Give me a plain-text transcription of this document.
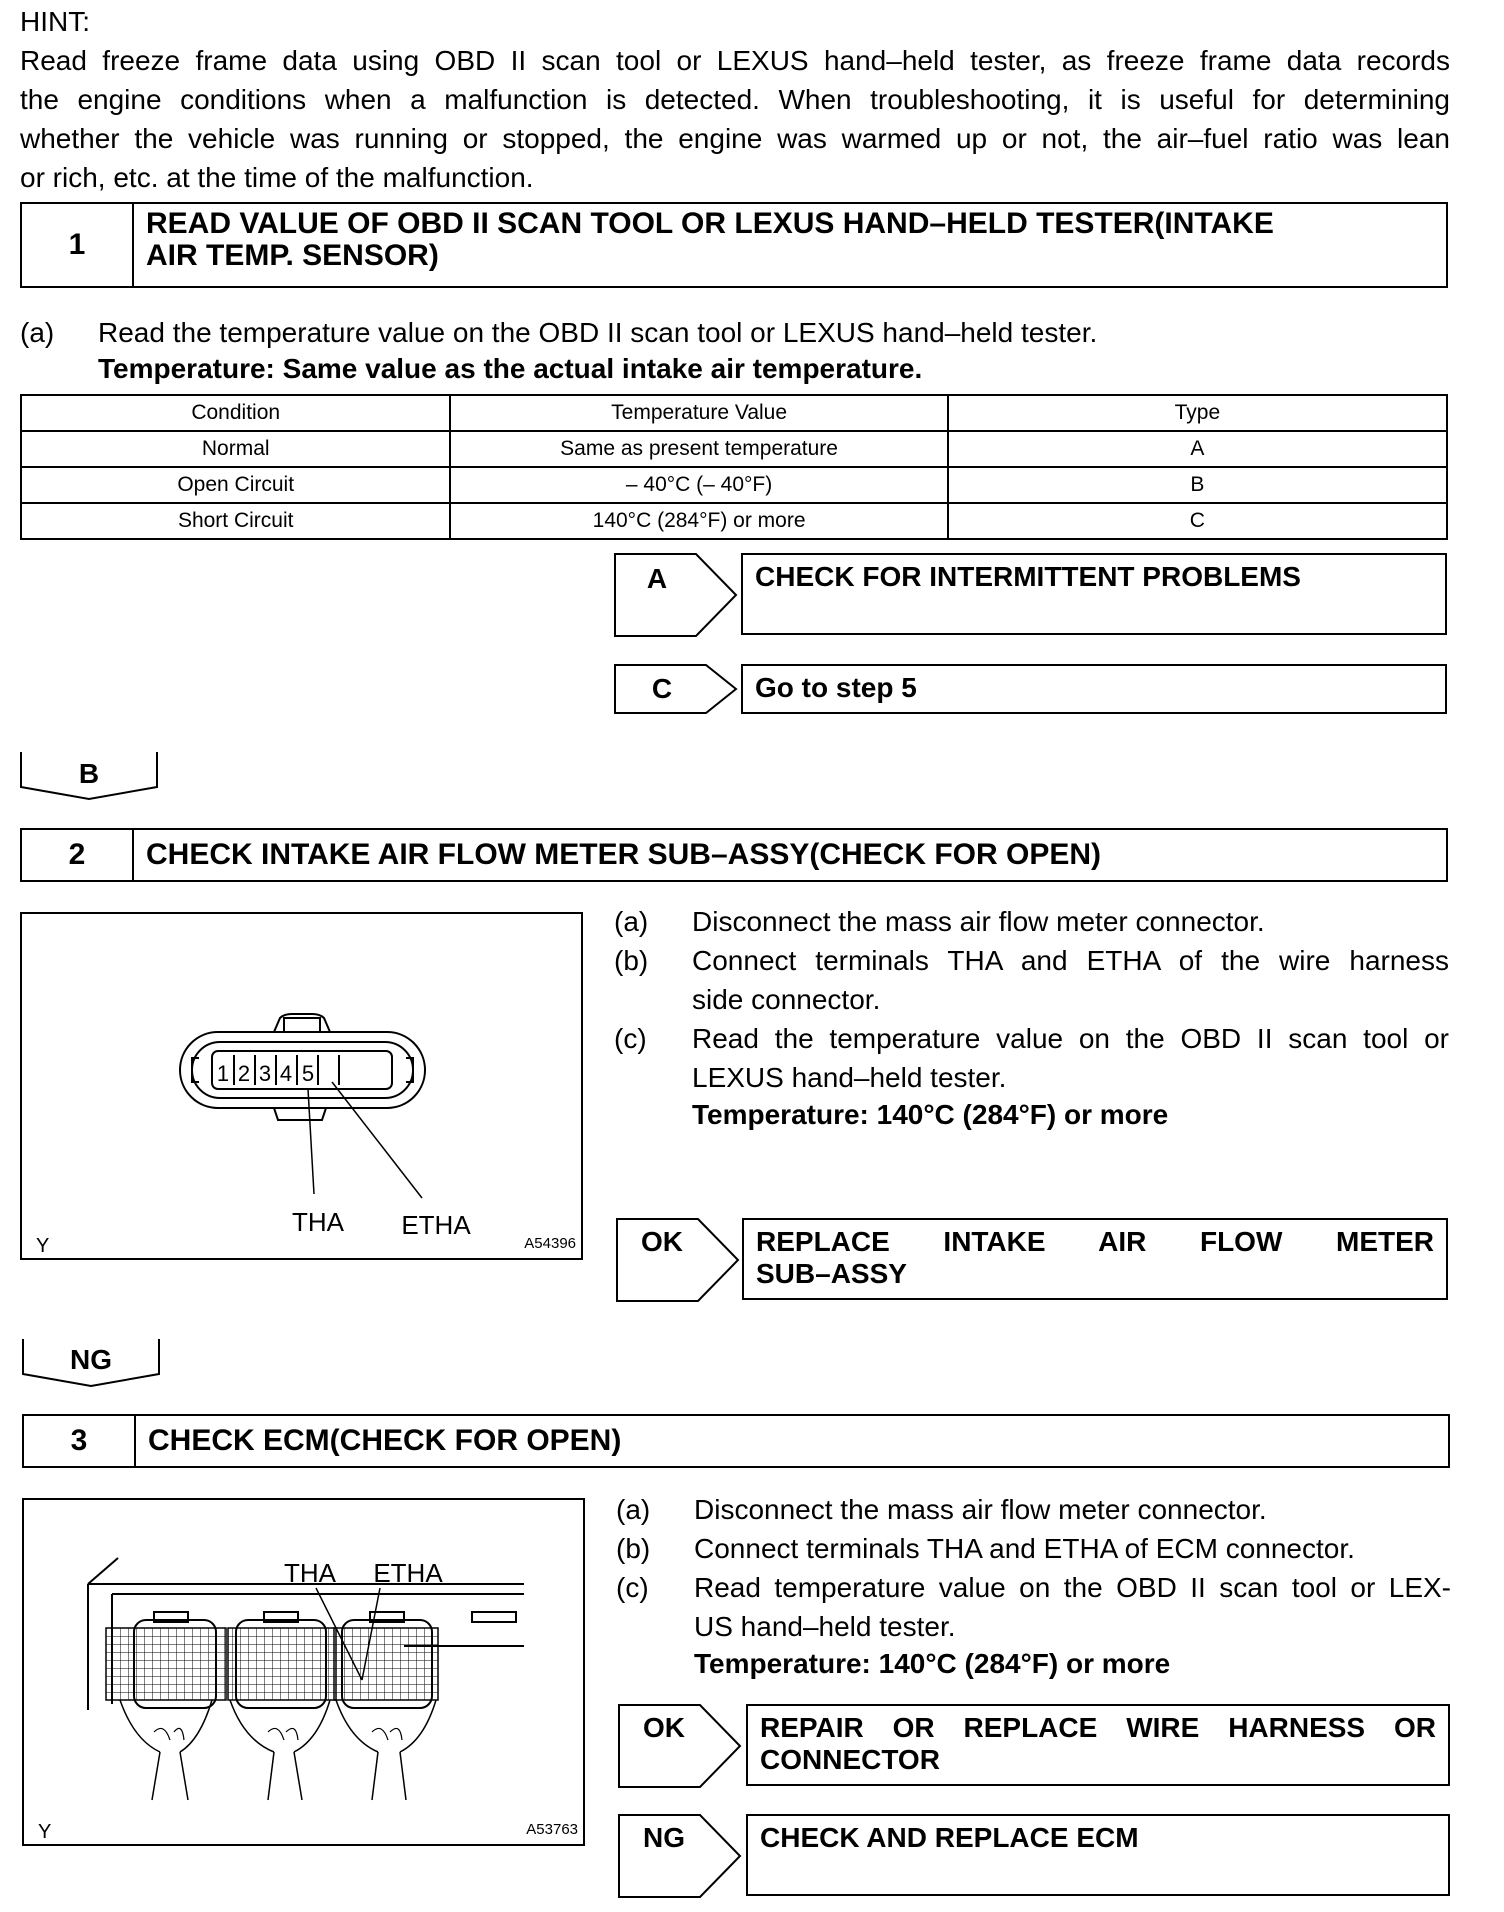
HINT:
Read freeze frame data using OBD II scan tool or LEXUS hand–held tester, as freeze frame data records
the engine conditions when a malfunction is detected. When troubleshooting, it is useful for determining
whether the vehicle was running or stopped, the engine was warmed up or not, the air–fuel ratio was lean
or rich, etc. at the time of the malfunction.
1
READ VALUE OF OBD II SCAN TOOL OR LEXUS HAND–HELD TESTER(INTAKE
AIR TEMP. SENSOR)
(a) Read the temperature value on the OBD II scan tool or LEXUS hand–held tester.
Temperature: Same value as the actual intake air temperature.
Condition	Temperature Value	Type
Normal	Same as present temperature	A
Open Circuit	– 40°C (– 40°F)	B
Short Circuit	140°C (284°F) or more	C
A	CHECK FOR INTERMITTENT PROBLEMS
C	Go to step 5
B
2	CHECK INTAKE AIR FLOW METER SUB–ASSY(CHECK FOR OPEN)
1 2 3 4 5
THA ETHA
Y	A54396
(a) Disconnect the mass air flow meter connector.
(b) Connect terminals THA and ETHA of the wire harness
side connector.
(c) Read the temperature value on the OBD II scan tool or
LEXUS hand–held tester.
Temperature: 140°C (284°F) or more
OK	REPLACE INTAKE AIR FLOW METER
SUB–ASSY
NG
3	CHECK ECM(CHECK FOR OPEN)
THA ETHA
Y	A53763
(a) Disconnect the mass air flow meter connector.
(b) Connect terminals THA and ETHA of ECM connector.
(c) Read temperature value on the OBD II scan tool or LEX-
US hand–held tester.
Temperature: 140°C (284°F) or more
OK	REPAIR OR REPLACE WIRE HARNESS OR
CONNECTOR
NG	CHECK AND REPLACE ECM
